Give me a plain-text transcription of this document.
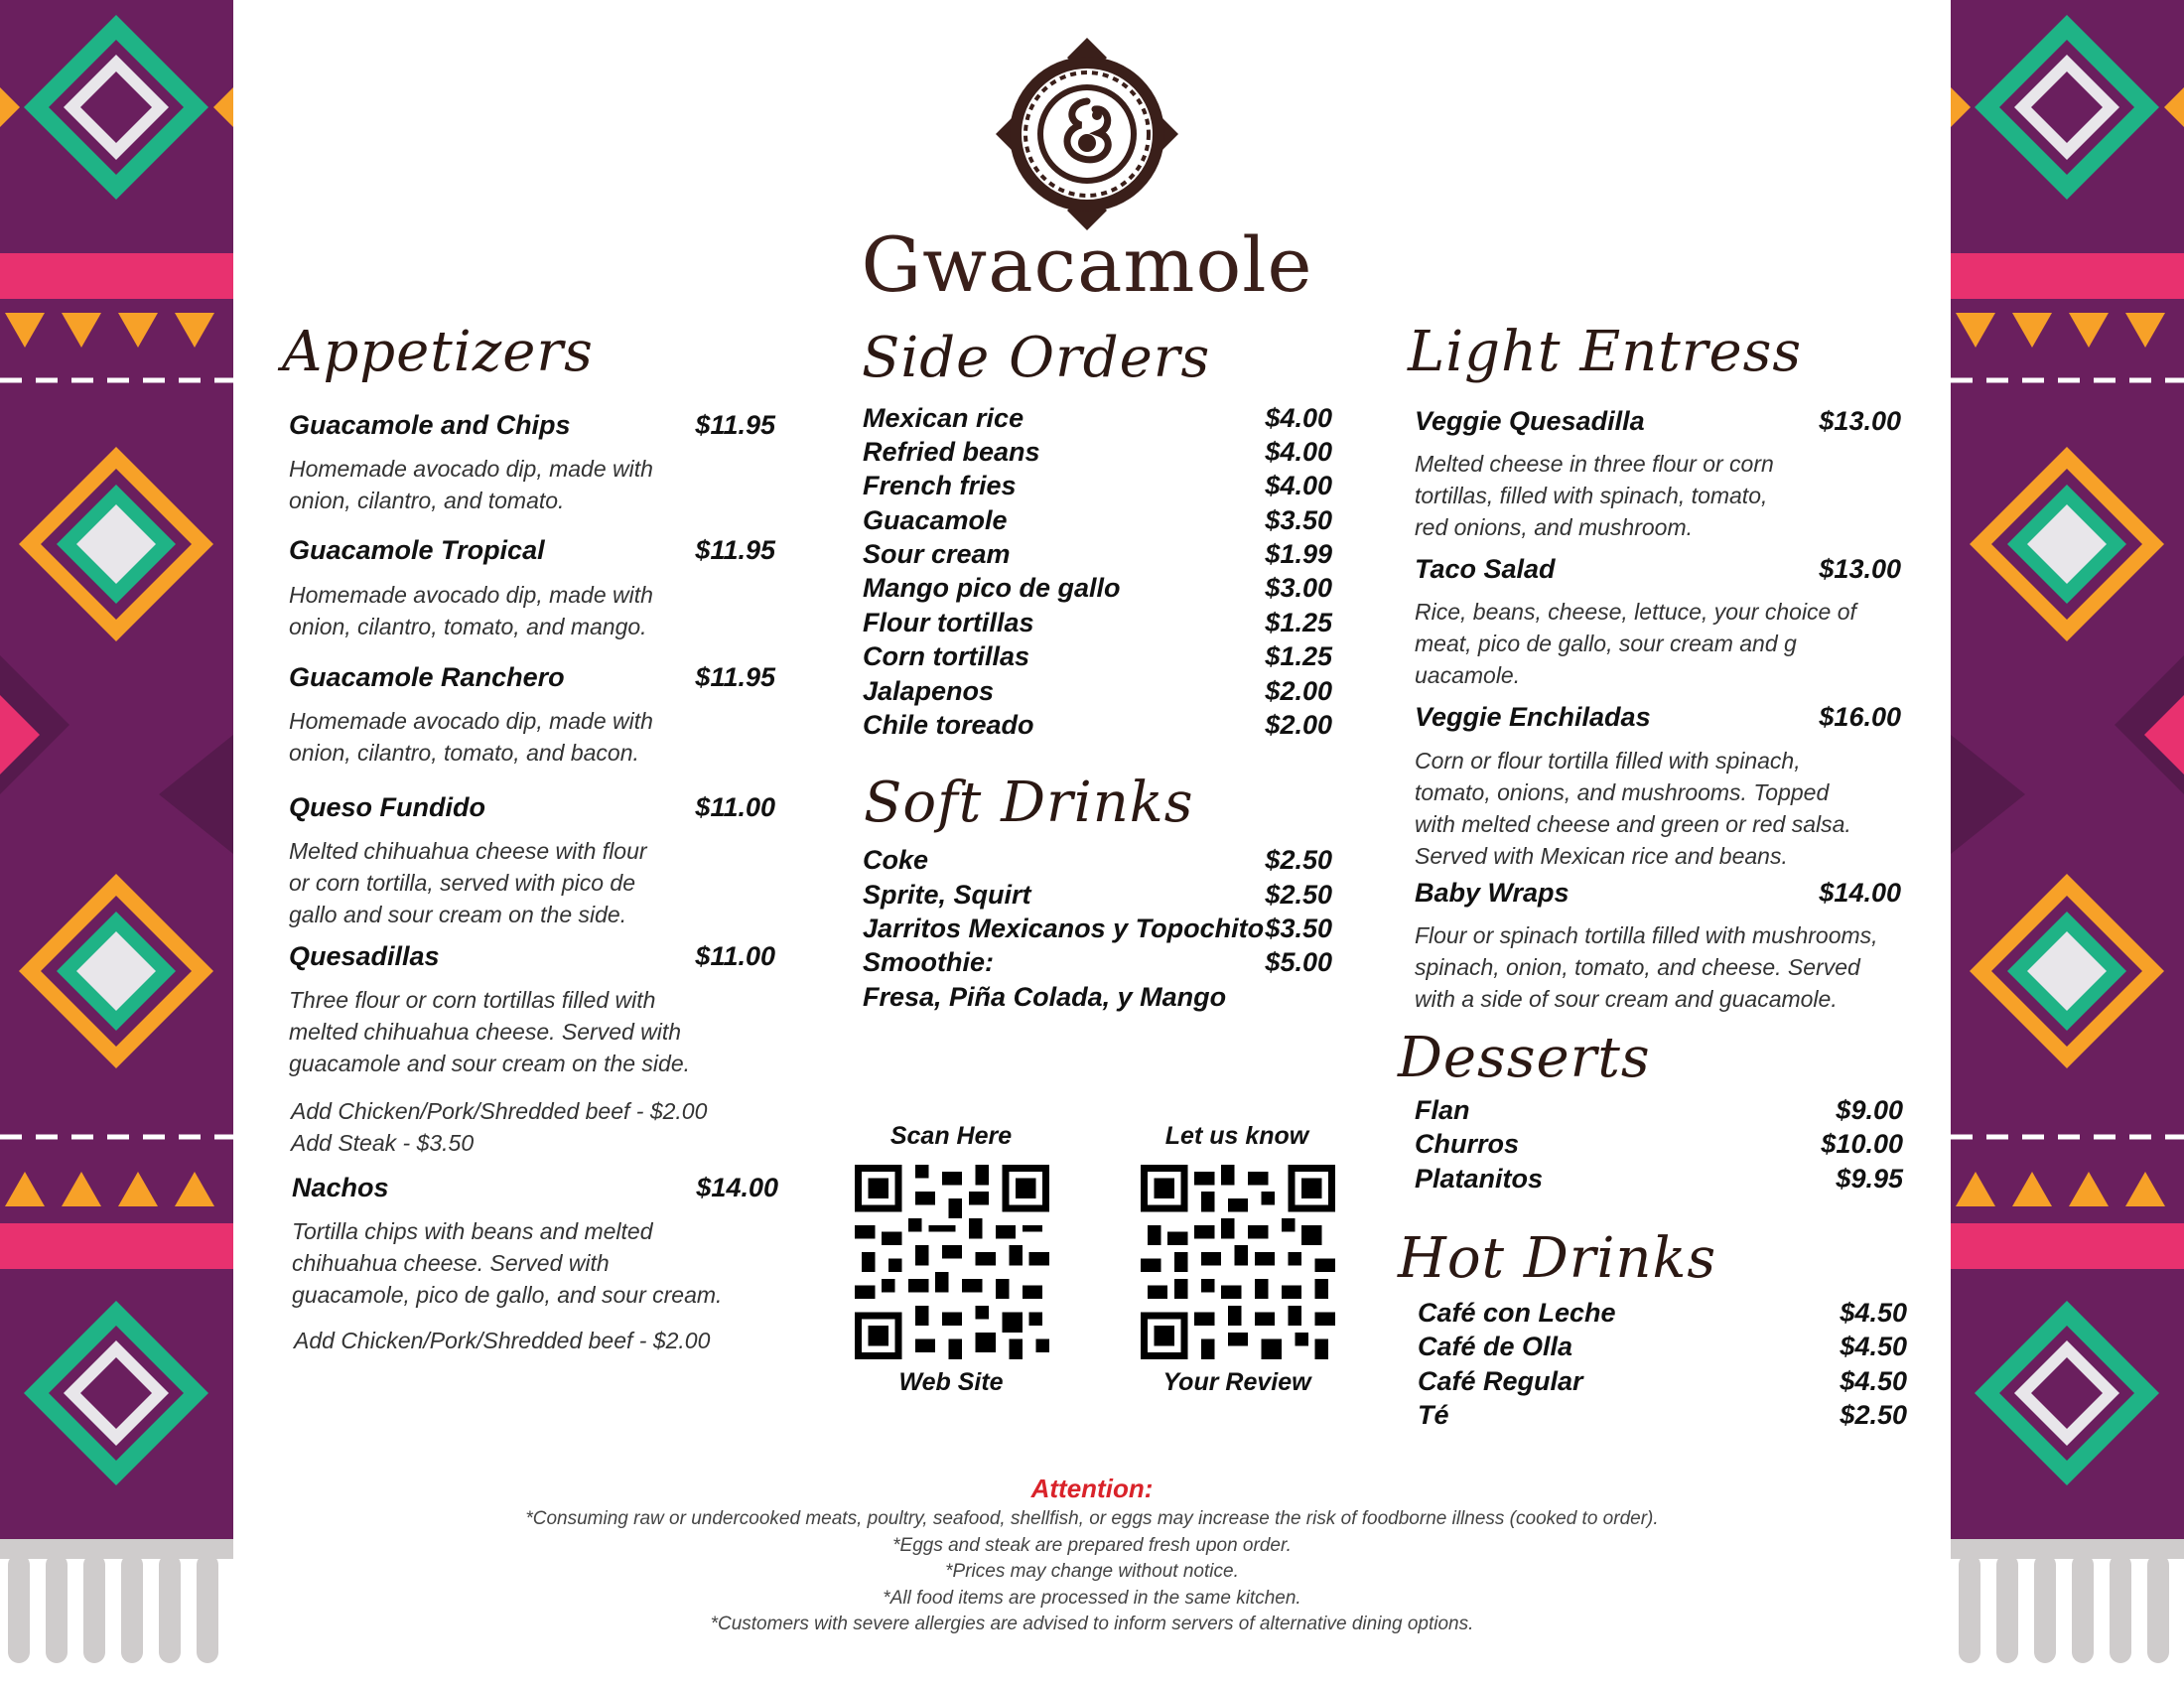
Gwacamole
Appetizers
Guacamole and Chips	$11.95
Homemade avocado dip, made with
onion, cilantro, and tomato.
Guacamole Tropical	$11.95
Homemade avocado dip, made with
onion, cilantro, tomato, and mango.
Guacamole Ranchero	$11.95
Homemade avocado dip, made with
onion, cilantro, tomato, and bacon.
Queso Fundido	$11.00
Melted chihuahua cheese with flour
or corn tortilla, served with pico de
gallo and sour cream on the side.
Quesadillas	$11.00
Three flour or corn tortillas filled with
melted chihuahua cheese. Served with
guacamole and sour cream on the side.
Add Chicken/Pork/Shredded beef - $2.00
Add Steak - $3.50
Nachos	$14.00
Tortilla chips with beans and melted
chihuahua cheese. Served with
guacamole, pico de gallo, and sour cream.
Add Chicken/Pork/Shredded beef - $2.00
Side Orders
Mexican rice	$4.00
Refried beans	$4.00
French fries	$4.00
Guacamole	$3.50
Sour cream	$1.99
Mango pico de gallo	$3.00
Flour tortillas	$1.25
Corn tortillas	$1.25
Jalapenos	$2.00
Chile toreado	$2.00
Soft Drinks
Coke	$2.50
Sprite, Squirt	$2.50
Jarritos Mexicanos y Topochito $3.50
Smoothie:	$5.00
Fresa, Piña Colada, y Mango
Scan Here
Web Site
Let us know
Your Review
Light Entress
Veggie Quesadilla	$13.00
Melted cheese in three flour or corn
tortillas, filled with spinach, tomato,
red onions, and mushroom.
Taco Salad	$13.00
Rice, beans, cheese, lettuce, your choice of
meat, pico de gallo, sour cream and g
uacamole.
Veggie Enchiladas	$16.00
Corn or flour tortilla filled with spinach,
tomato, onions, and mushrooms. Topped
with melted cheese and green or red salsa.
Served with Mexican rice and beans.
Baby Wraps	$14.00
Flour or spinach tortilla filled with mushrooms,
spinach, onion, tomato, and cheese. Served
with a side of sour cream and guacamole.
Desserts
Flan	$9.00
Churros	$10.00
Platanitos	$9.95
Hot Drinks
Café con Leche	$4.50
Café de Olla	$4.50
Café Regular	$4.50
Té	$2.50
Attention:
*Consuming raw or undercooked meats, poultry, seafood, shellfish, or eggs may increase the risk of foodborne illness (cooked to order).
*Eggs and steak are prepared fresh upon order.
*Prices may change without notice.
*All food items are processed in the same kitchen.
*Customers with severe allergies are advised to inform servers of alternative dining options.
